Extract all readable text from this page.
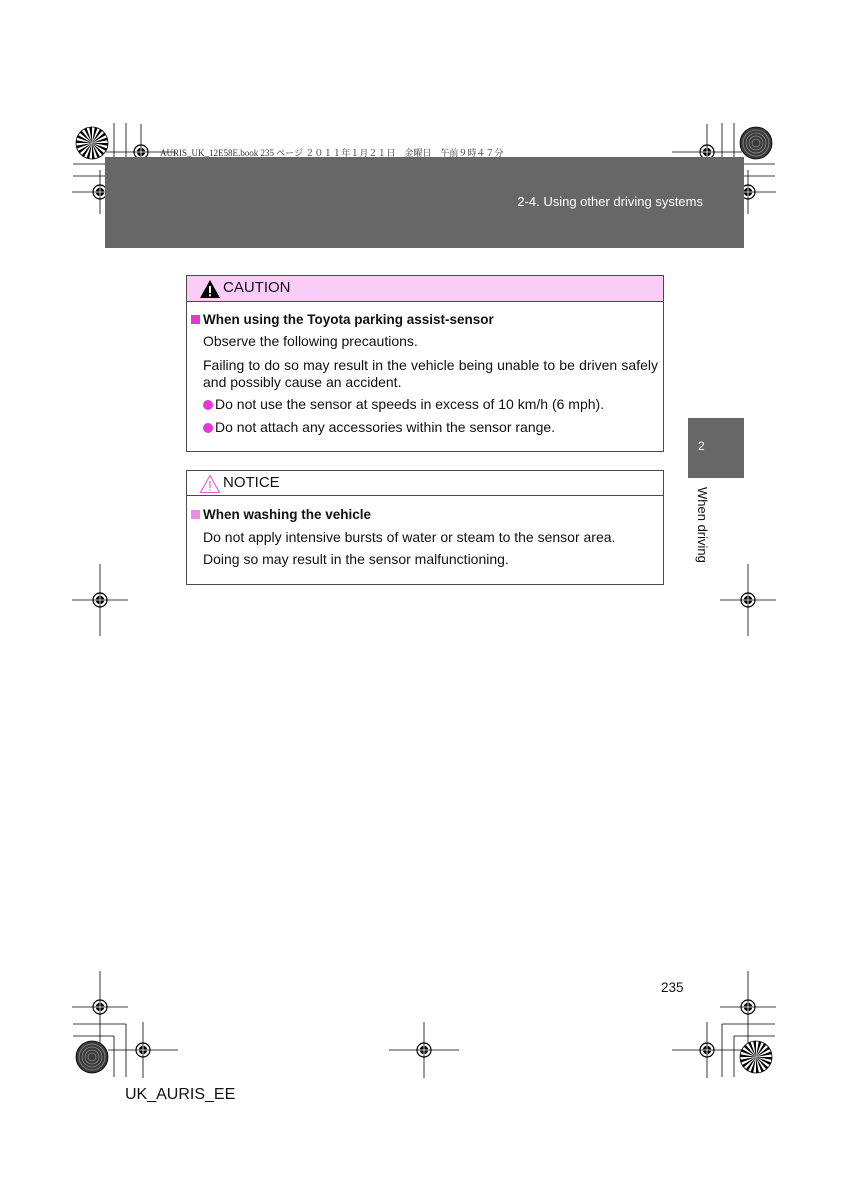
AURIS_UK_12E58E.book 235 ページ ２０１１年１月２１日　金曜日　午前９時４７分
2-4. Using other driving systems
CAUTION
When using the Toyota parking assist-sensor
Observe the following precautions.
Failing to do so may result in the vehicle being unable to be driven safely and possibly cause an accident.
Do not use the sensor at speeds in excess of 10 km/h (6 mph).
Do not attach any accessories within the sensor range.
NOTICE
When washing the vehicle
Do not apply intensive bursts of water or steam to the sensor area.
Doing so may result in the sensor malfunctioning.
2
When driving
235
UK_AURIS_EE
